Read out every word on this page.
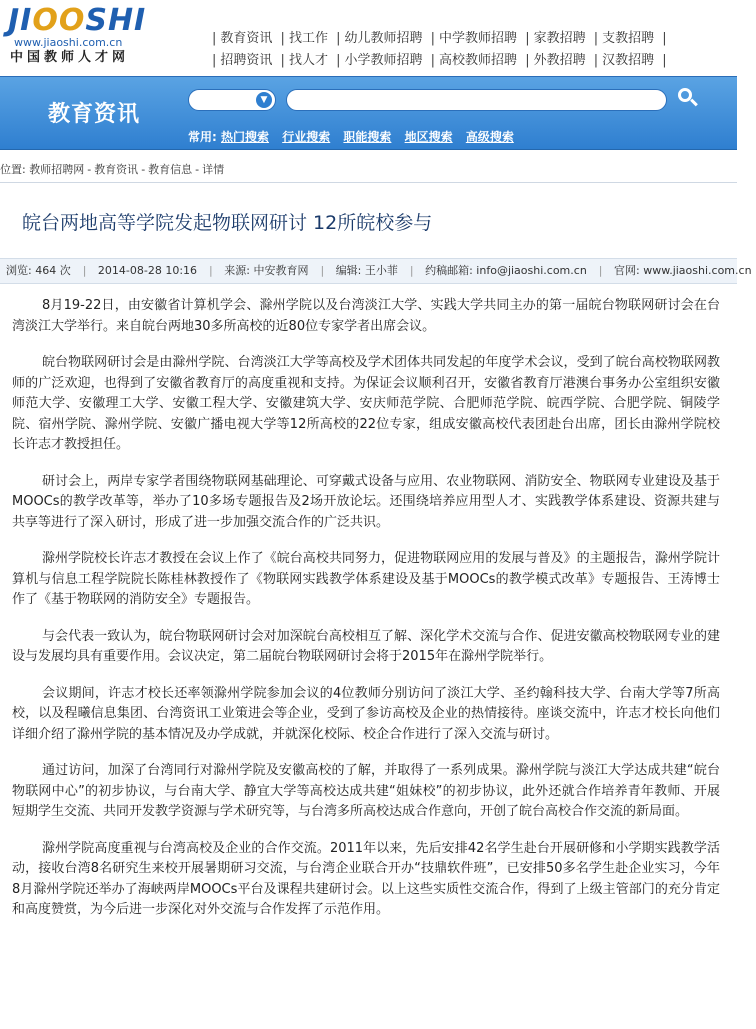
JIOOSHI
www.jiaoshi.com.cn
中国教师人才网
| 教育资讯 | 找工作 | 幼儿教师招聘 | 中学教师招聘 | 家教招聘 | 支教招聘 |
| 招聘资讯 | 找人才 | 小学教师招聘 | 高校教师招聘 | 外教招聘 | 汉教招聘 |
教育资讯
▼
常用: 热门搜索 行业搜索 职能搜索 地区搜索 高级搜索
位置: 教师招聘网 - 教育资讯 - 教育信息 - 详情
皖台两地高等学院发起物联网研讨 12所皖校参与
浏览: 464 次 | 2014-08-28 10:16 | 来源: 中安教育网 | 编辑: 王小菲 | 约稿邮箱: info@jiaoshi.com.cn | 官网: www.jiaoshi.com.cn

8月19-22日，由安徽省计算机学会、滁州学院以及台湾淡江大学、实践大学共同主办的第一届皖台物联网研讨会在台湾淡江大学举行。来自皖台两地30多所高校的近80位专家学者出席会议。

皖台物联网研讨会是由滁州学院、台湾淡江大学等高校及学术团体共同发起的年度学术会议，受到了皖台高校物联网教师的广泛欢迎，也得到了安徽省教育厅的高度重视和支持。为保证会议顺利召开，安徽省教育厅港澳台事务办公室组织安徽师范大学、安徽理工大学、安徽工程大学、安徽建筑大学、安庆师范学院、合肥师范学院、皖西学院、合肥学院、铜陵学院、宿州学院、滁州学院、安徽广播电视大学等12所高校的22位专家，组成安徽高校代表团赴台出席，团长由滁州学院校长许志才教授担任。

研讨会上，两岸专家学者围绕物联网基础理论、可穿戴式设备与应用、农业物联网、消防安全、物联网专业建设及基于MOOCs的教学改革等，举办了10多场专题报告及2场开放论坛。还围绕培养应用型人才、实践教学体系建设、资源共建与共享等进行了深入研讨，形成了进一步加强交流合作的广泛共识。

滁州学院校长许志才教授在会议上作了《皖台高校共同努力，促进物联网应用的发展与普及》的主题报告，滁州学院计算机与信息工程学院院长陈桂林教授作了《物联网实践教学体系建设及基于MOOCs的教学模式改革》专题报告、王涛博士作了《基于物联网的消防安全》专题报告。

与会代表一致认为，皖台物联网研讨会对加深皖台高校相互了解、深化学术交流与合作、促进安徽高校物联网专业的建设与发展均具有重要作用。会议决定，第二届皖台物联网研讨会将于2015年在滁州学院举行。

会议期间，许志才校长还率领滁州学院参加会议的4位教师分别访问了淡江大学、圣约翰科技大学、台南大学等7所高校，以及程曦信息集团、台湾资讯工业策进会等企业，受到了参访高校及企业的热情接待。座谈交流中，许志才校长向他们详细介绍了滁州学院的基本情况及办学成就，并就深化校际、校企合作进行了深入交流与研讨。

通过访问，加深了台湾同行对滁州学院及安徽高校的了解，并取得了一系列成果。滁州学院与淡江大学达成共建“皖台物联网中心”的初步协议，与台南大学、静宜大学等高校达成共建“姐妹校”的初步协议，此外还就合作培养青年教师、开展短期学生交流、共同开发教学资源与学术研究等，与台湾多所高校达成合作意向，开创了皖台高校合作交流的新局面。

滁州学院高度重视与台湾高校及企业的合作交流。2011年以来，先后安排42名学生赴台开展研修和小学期实践教学活动，接收台湾8名研究生来校开展暑期研习交流，与台湾企业联合开办“技鼎软件班”，已安排50多名学生赴企业实习，今年8月滁州学院还举办了海峡两岸MOOCs平台及课程共建研讨会。以上这些实质性交流合作，得到了上级主管部门的充分肯定和高度赞赏，为今后进一步深化对外交流与合作发挥了示范作用。
